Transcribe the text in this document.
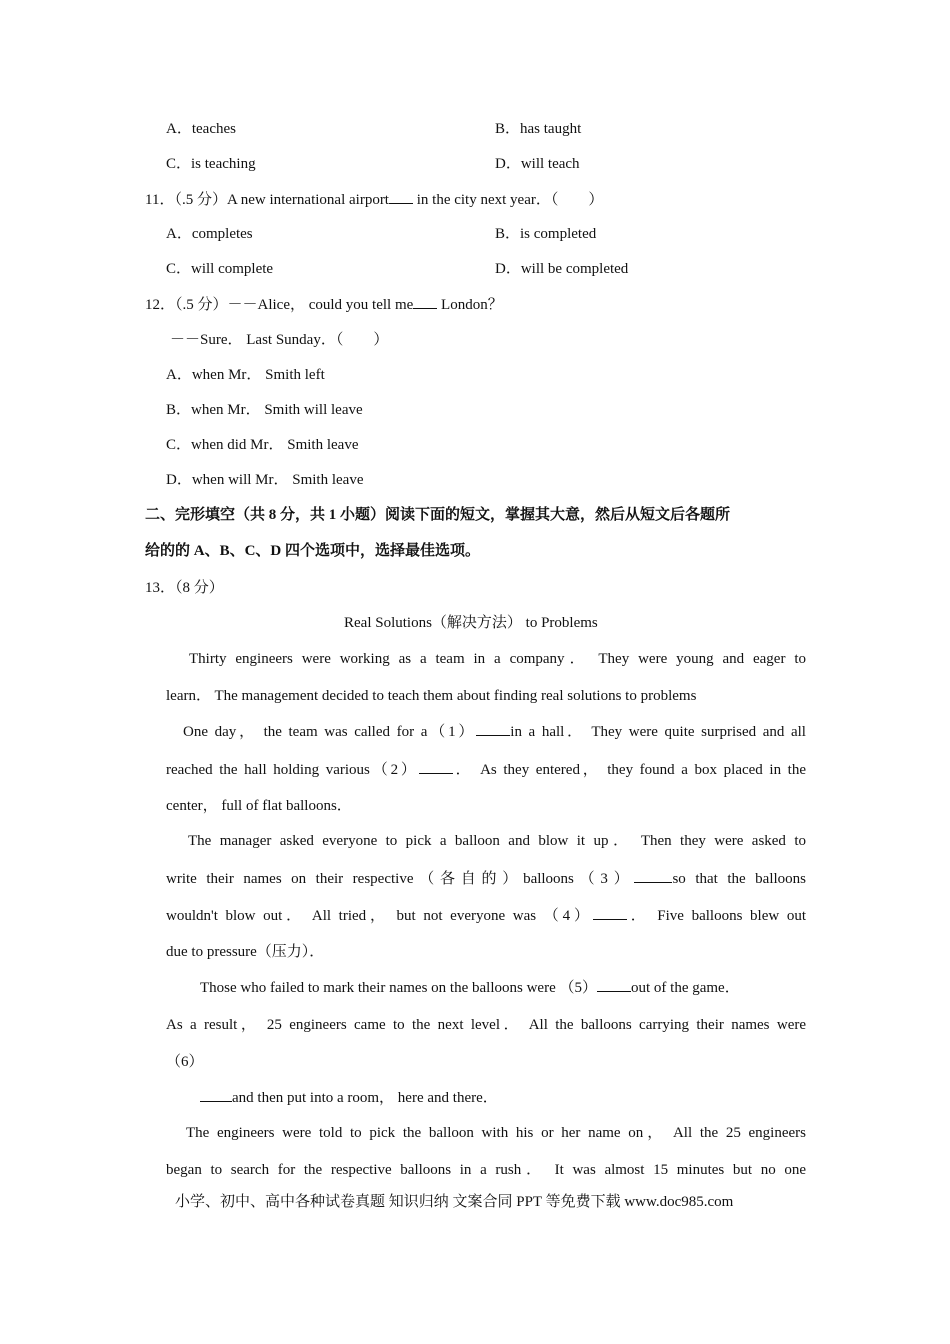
A．teaches	B．has taught
C．is teaching	D．will teach
11．（.5 分）A new international airport in the city next year．（ ）
A．completes	B．is completed
C．will complete	D．will be completed
12．（.5 分）－－Alice， could you tell me London？
－－Sure． Last Sunday．（ ）
A．when Mr． Smith left
B．when Mr． Smith will leave
C．when did Mr． Smith leave
D．when will Mr． Smith leave
二、完形填空（共 8 分，共 1 小题）阅读下面的短文，掌握其大意，然后从短文后各题所
给的的 A、B、C、D 四个选项中，选择最佳选项。
13．（8 分）
Real Solutions（解决方法） to Problems
Thirty engineers were working as a team in a company． They were young and eager to
learn． The management decided to teach them about finding real solutions to problems
One day， the team was called for a（1） in a hall． They were quite surprised and all
reached the hall holding various（2） ． As they entered， they found a box placed in the
center， full of flat balloons．
The manager asked everyone to pick a balloon and blow it up． Then they were asked to
write their names on their respective（各自的）balloons（3）	so that the balloons
wouldn't blow out． All tried， but not everyone was （4） ． Five balloons blew out
due to pressure（压力）．
Those who failed to mark their names on the balloons were （5） out of the game．
As a result， 25 engineers came to the next level． All the balloons carrying their names were
（6）
and then put into a room， here and there．
The engineers were told to pick the balloon with his or her name on， All the 25 engineers
began to search for the respective balloons in a rush． It was almost 15 minutes but no one
小学、初中、高中各种试卷真题 知识归纳 文案合同 PPT 等免费下载 www.doc985.com
